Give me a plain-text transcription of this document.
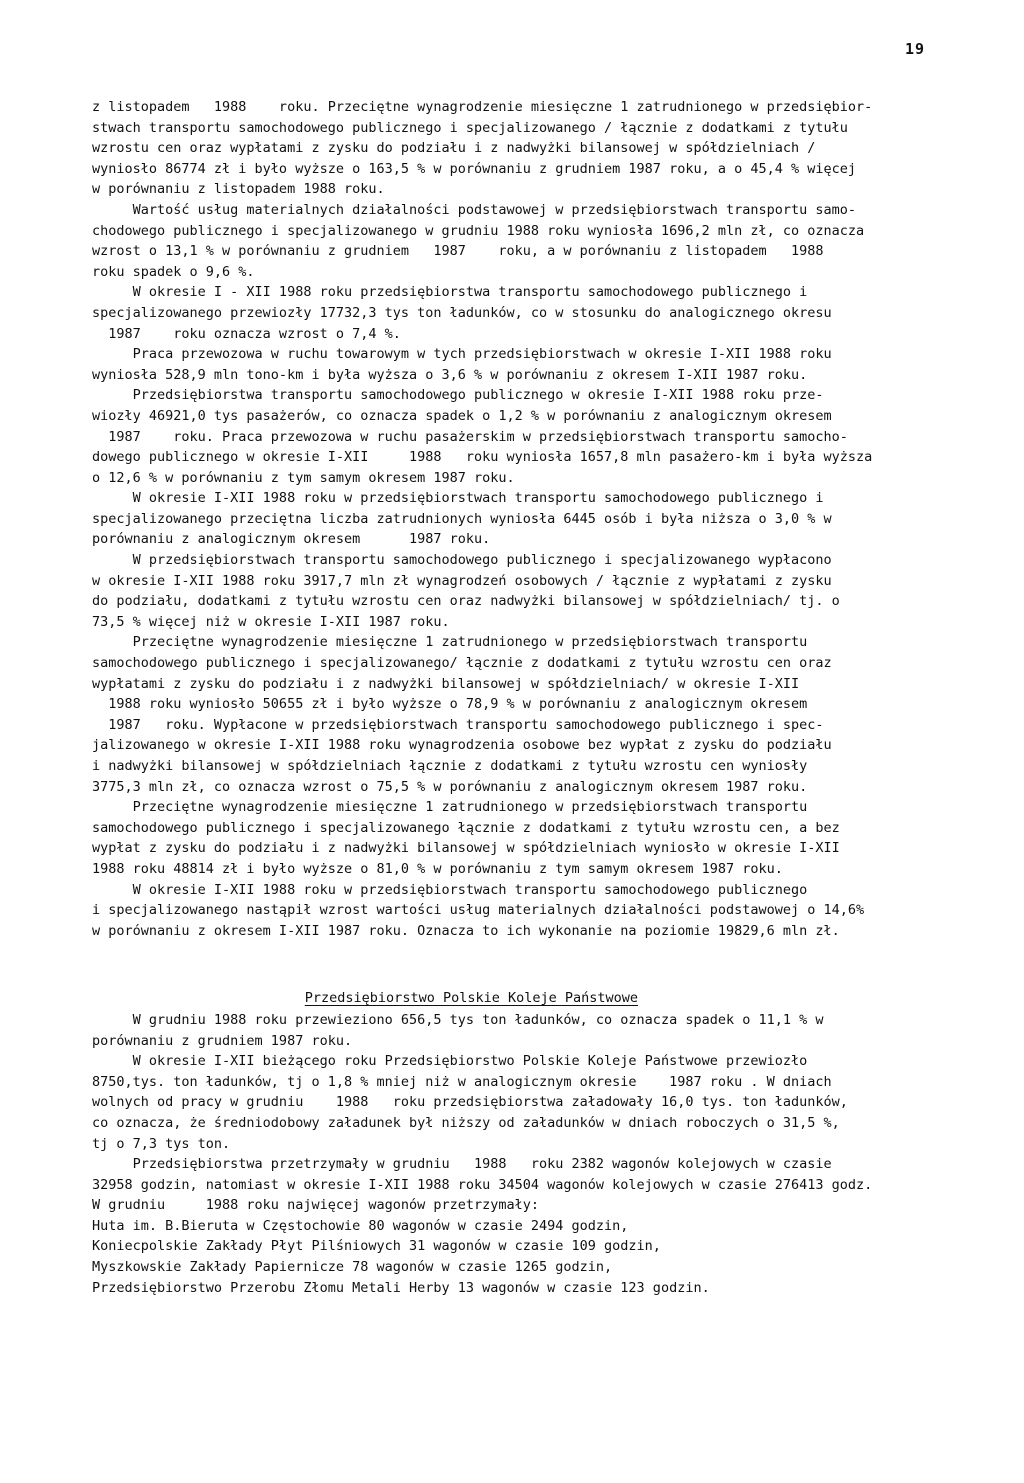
19
z listopadem   1988    roku. Przeciętne wynagrodzenie miesięczne 1 zatrudnionego w przedsiębior-
stwach transportu samochodowego publicznego i specjalizowanego / łącznie z dodatkami z tytułu
wzrostu cen oraz wypłatami z zysku do podziału i z nadwyżki bilansowej w spółdzielniach /
wyniosło 86774 zł i było wyższe o 163,5 % w porównaniu z grudniem 1987 roku, a o 45,4 % więcej
w porównaniu z listopadem 1988 roku.
Wartość usług materialnych działalności podstawowej w przedsiębiorstwach transportu samo-
chodowego publicznego i specjalizowanego w grudniu 1988 roku wyniosła 1696,2 mln zł, co oznacza
wzrost o 13,1 % w porównaniu z grudniem   1987    roku, a w porównaniu z listopadem   1988
roku spadek o 9,6 %.
W okresie I - XII 1988 roku przedsiębiorstwa transportu samochodowego publicznego i
specjalizowanego przewiozły 17732,3 tys ton ładunków, co w stosunku do analogicznego okresu
1987    roku oznacza wzrost o 7,4 %.
Praca przewozowa w ruchu towarowym w tych przedsiębiorstwach w okresie I-XII 1988 roku
wyniosła 528,9 mln tono-km i była wyższa o 3,6 % w porównaniu z okresem I-XII 1987 roku.
Przedsiębiorstwa transportu samochodowego publicznego w okresie I-XII 1988 roku prze-
wiozły 46921,0 tys pasażerów, co oznacza spadek o 1,2 % w porównaniu z analogicznym okresem
1987    roku. Praca przewozowa w ruchu pasażerskim w przedsiębiorstwach transportu samocho-
dowego publicznego w okresie I-XII     1988   roku wyniosła 1657,8 mln pasażero-km i była wyższa
o 12,6 % w porównaniu z tym samym okresem 1987 roku.
W okresie I-XII 1988 roku w przedsiębiorstwach transportu samochodowego publicznego i
specjalizowanego przeciętna liczba zatrudnionych wyniosła 6445 osób i była niższa o 3,0 % w
porównaniu z analogicznym okresem      1987 roku.
W przedsiębiorstwach transportu samochodowego publicznego i specjalizowanego wypłacono
w okresie I-XII 1988 roku 3917,7 mln zł wynagrodzeń osobowych / łącznie z wypłatami z zysku
do podziału, dodatkami z tytułu wzrostu cen oraz nadwyżki bilansowej w spółdzielniach/ tj. o
73,5 % więcej niż w okresie I-XII 1987 roku.
Przeciętne wynagrodzenie miesięczne 1 zatrudnionego w przedsiębiorstwach transportu
samochodowego publicznego i specjalizowanego/ łącznie z dodatkami z tytułu wzrostu cen oraz
wypłatami z zysku do podziału i z nadwyżki bilansowej w spółdzielniach/ w okresie I-XII
1988 roku wyniosło 50655 zł i było wyższe o 78,9 % w porównaniu z analogicznym okresem
1987   roku. Wypłacone w przedsiębiorstwach transportu samochodowego publicznego i spec-
jalizowanego w okresie I-XII 1988 roku wynagrodzenia osobowe bez wypłat z zysku do podziału
i nadwyżki bilansowej w spółdzielniach łącznie z dodatkami z tytułu wzrostu cen wyniosły
3775,3 mln zł, co oznacza wzrost o 75,5 % w porównaniu z analogicznym okresem 1987 roku.
Przeciętne wynagrodzenie miesięczne 1 zatrudnionego w przedsiębiorstwach transportu
samochodowego publicznego i specjalizowanego łącznie z dodatkami z tytułu wzrostu cen, a bez
wypłat z zysku do podziału i z nadwyżki bilansowej w spółdzielniach wyniosło w okresie I-XII
1988 roku 48814 zł i było wyższe o 81,0 % w porównaniu z tym samym okresem 1987 roku.
W okresie I-XII 1988 roku w przedsiębiorstwach transportu samochodowego publicznego
i specjalizowanego nastąpił wzrost wartości usług materialnych działalności podstawowej o 14,6%
w porównaniu z okresem I-XII 1987 roku. Oznacza to ich wykonanie na poziomie 19829,6 mln zł.

Przedsiębiorstwo Polskie Koleje Państwowe

W grudniu 1988 roku przewieziono 656,5 tys ton ładunków, co oznacza spadek o 11,1 % w
porównaniu z grudniem 1987 roku.
W okresie I-XII bieżącego roku Przedsiębiorstwo Polskie Koleje Państwowe przewiozło
8750,tys. ton ładunków, tj o 1,8 % mniej niż w analogicznym okresie    1987 roku . W dniach
wolnych od pracy w grudniu    1988   roku przedsiębiorstwa załadowały 16,0 tys. ton ładunków,
co oznacza, że średniodobowy załadunek był niższy od załadunków w dniach roboczych o 31,5 %,
tj o 7,3 tys ton.
Przedsiębiorstwa przetrzymały w grudniu   1988   roku 2382 wagonów kolejowych w czasie
32958 godzin, natomiast w okresie I-XII 1988 roku 34504 wagonów kolejowych w czasie 276413 godz.
W grudniu     1988 roku najwięcej wagonów przetrzymały:
Huta im. B.Bieruta w Częstochowie 80 wagonów w czasie 2494 godzin,
Koniecpolskie Zakłady Płyt Pilśniowych 31 wagonów w czasie 109 godzin,
Myszkowskie Zakłady Papiernicze 78 wagonów w czasie 1265 godzin,
Przedsiębiorstwo Przerobu Złomu Metali Herby 13 wagonów w czasie 123 godzin.
